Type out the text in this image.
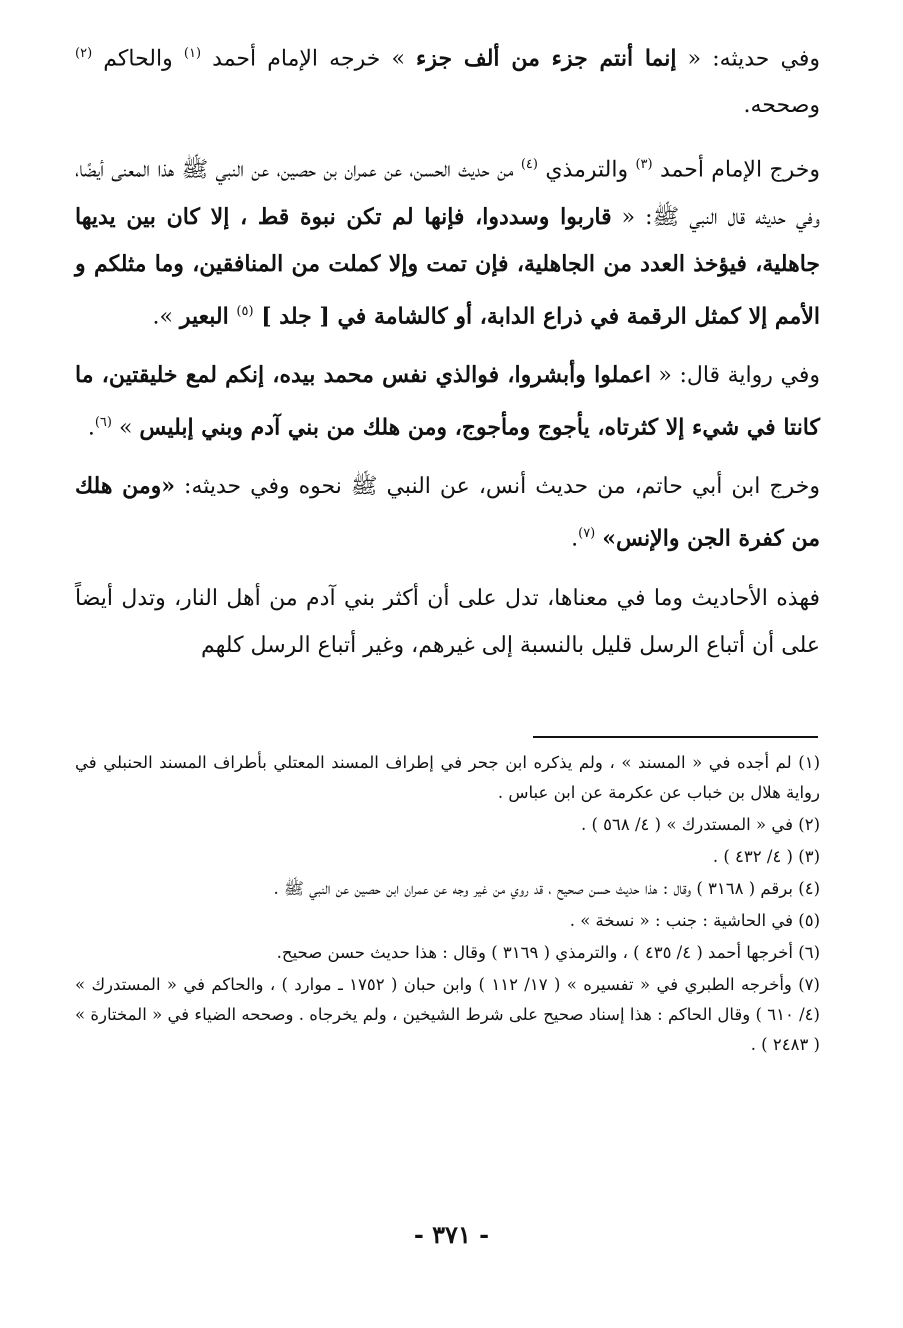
وفي حديثه: « إنما أنتم جزء من ألف جزء » خرجه الإمام أحمد $^{(١)}$ والحاكم $^{(٢)}$ وصححه.

وخرج الإمام أحمد $^{(٣)}$ والترمذي $^{(٤)}$ من حديث الحسن، عن عمران بن حصين، عن النبي ﷺ هذا المعنى أيضًا، وفي حديثه قال النبي ﷺ: « قاربوا وسددوا، فإنها لم تكن نبوة قط ، إلا كان بين يديها جاهلية، فيؤخذ العدد من الجاهلية، فإن تمت وإلا كملت من المنافقين، وما مثلكم و الأمم إلا كمثل الرقمة في ذراع الدابة، أو كالشامة في [ جلد ] $^{(٥)}$ البعير ».

وفي رواية قال: « اعملوا وأبشروا، فوالذي نفس محمد بيده، إنكم لمع خليقتين، ما كانتا في شيء إلا كثرتاه، يأجوج ومأجوج، ومن هلك من بني آدم وبني إبليس » $^{(٦)}$.

وخرج ابن أبي حاتم، من حديث أنس، عن النبي ﷺ نحوه وفي حديثه: «ومن هلك من كفرة الجن والإنس» $^{(٧)}$.

فهذه الأحاديث وما في معناها، تدل على أن أكثر بني آدم من أهل النار، وتدل أيضاً على أن أتباع الرسل قليل بالنسبة إلى غيرهم، وغير أتباع الرسل كلهم

(١) لم أجده في « المسند » ، ولم يذكره ابن جحر في إطراف المسند المعتلي بأطراف المسند الحنبلي في رواية هلال بن خباب عن عكرمة عن ابن عباس .
(٢) في « المستدرك » ( ٤/ ٥٦٨ ) .
(٣) ( ٤/ ٤٣٢ ) .
(٤) برقم ( ٣١٦٨ ) وقال : هذا حديث حسن صحيح ، قد روي من غير وجه عن عمران ابن حصين عن النبي ﷺ .
(٥) في الحاشية : جنب : « نسخة » .
(٦) أخرجها أحمد ( ٤/ ٤٣٥ ) ، والترمذي ( ٣١٦٩ ) وقال : هذا حديث حسن صحيح.
(٧) وأخرجه الطبري في « تفسيره » ( ١٧/ ١١٢ ) وابن حبان ( ١٧٥٢ ـ موارد ) ، والحاكم في « المستدرك » (٤/ ٦١٠ ) وقال الحاكم : هذا إسناد صحيح على شرط الشيخين ، ولم يخرجاه . وصححه الضياء في « المختارة » ( ٢٤٨٣ ) .
- ٣٧١ -
